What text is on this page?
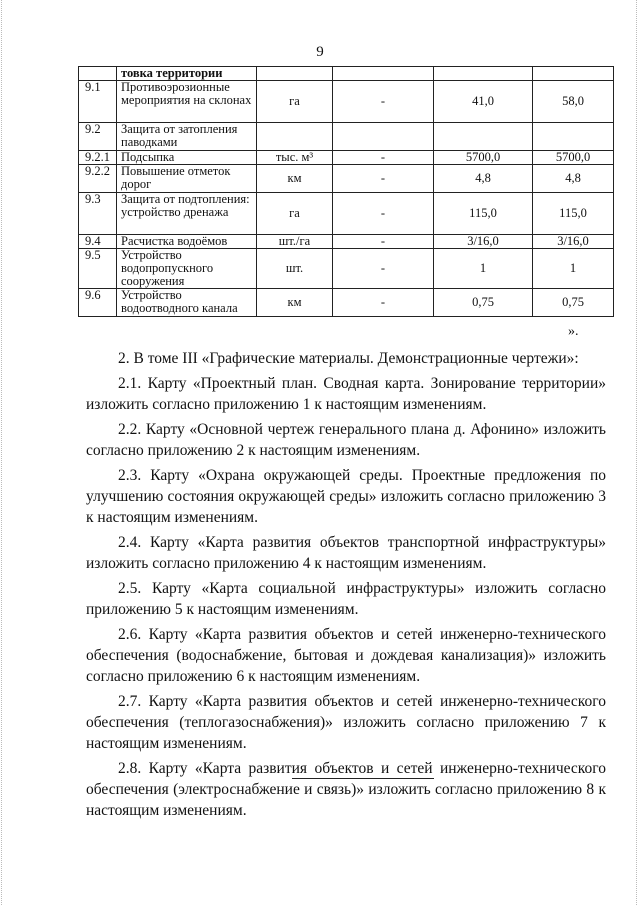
9
	товка территории				
9.1	Противоэрозионные мероприятия на склонах	га	-	41,0	58,0
9.2	Защита от затопления паводками				
9.2.1	Подсыпка	тыс. м³	-	5700,0	5700,0
9.2.2	Повышение отметок дорог	км	-	4,8	4,8
9.3	Защита от подтопления: устройство дренажа	га	-	115,0	115,0
9.4	Расчистка водоёмов	шт./га	-	3/16,0	3/16,0
9.5	Устройство водопропускного сооружения	шт.	-	1	1
9.6	Устройство водоотводного канала	км	-	0,75	0,75
».

2. В томе III «Графические материалы. Демонстрационные чертежи»:

2.1. Карту «Проектный план. Сводная карта. Зонирование территории» изложить согласно приложению 1 к настоящим изменениям.

2.2. Карту «Основной чертеж генерального плана д. Афонино» изложить согласно приложению 2 к настоящим изменениям.

2.3. Карту «Охрана окружающей среды. Проектные предложения по улучшению состояния окружающей среды» изложить согласно приложению 3 к настоящим изменениям.

2.4. Карту «Карта развития объектов транспортной инфраструктуры» изложить согласно приложению 4 к настоящим изменениям.

2.5. Карту «Карта социальной инфраструктуры» изложить согласно приложению 5 к настоящим изменениям.

2.6. Карту «Карта развития объектов и сетей инженерно-технического обеспечения (водоснабжение, бытовая и дождевая канализация)» изложить согласно приложению 6 к настоящим изменениям.

2.7. Карту «Карта развития объектов и сетей инженерно-технического обеспечения (теплогазоснабжения)» изложить согласно приложению 7 к настоящим изменениям.

2.8. Карту «Карта развития объектов и сетей инженерно-технического обеспечения (электроснабжение и связь)» изложить согласно приложению 8 к настоящим изменениям.
